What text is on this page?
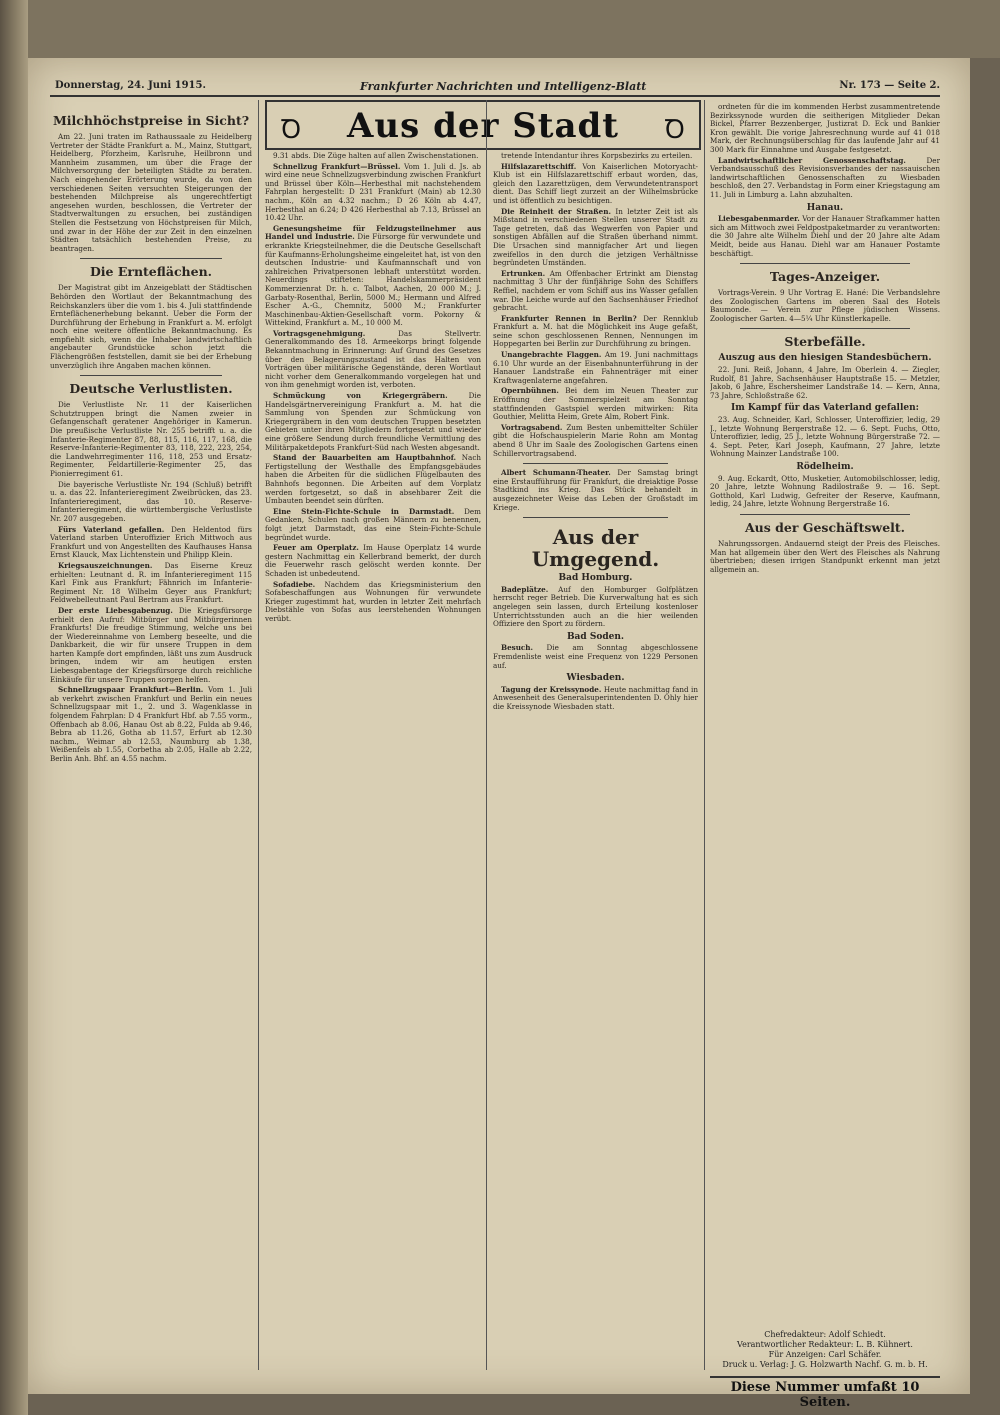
Donnerstag, 24. Juni 1915.	Frankfurter Nachrichten und Intelligenz-Blatt	Nr. 173 — Seite 2.
Ꝺ	Aus der Stadt	Ꝺ
Milchhöchstpreise in Sicht?

Am 22. Juni traten im Rathaussaale zu Heidelberg Vertreter der Städte Frankfurt a. M., Mainz, Stuttgart, Heidelberg, Pforzheim, Karlsruhe, Heilbronn und Mannheim zusammen, um über die Frage der Milchversorgung der beteiligten Städte zu beraten. Nach eingehender Erörterung wurde, da von den verschiedenen Seiten versuchten Steigerungen der bestehenden Milchpreise als ungerechtfertigt angesehen wurden, beschlossen, die Vertreter der Stadtverwaltungen zu ersuchen, bei zuständigen Stellen die Festsetzung von Höchstpreisen für Milch, und zwar in der Höhe der zur Zeit in den einzelnen Städten tatsächlich bestehenden Preise, zu beantragen.

Die Ernteflächen.

Der Magistrat gibt im Anzeigeblatt der Städtischen Behörden den Wortlaut der Bekanntmachung des Reichskanzlers über die vom 1. bis 4. Juli stattfindende Ernteflächenerhebung bekannt. Ueber die Form der Durchführung der Erhebung in Frankfurt a. M. erfolgt noch eine weitere öffentliche Bekanntmachung. Es empfiehlt sich, wenn die Inhaber landwirtschaftlich angebauter Grundstücke schon jetzt die Flächengrößen feststellen, damit sie bei der Erhebung unverzüglich ihre Angaben machen können.

Deutsche Verlustlisten.

Die Verlustliste Nr. 11 der Kaiserlichen Schutztruppen bringt die Namen zweier in Gefangenschaft geratener Angehöriger in Kamerun. Die preußische Verlustliste Nr. 255 betrifft u. a. die Infanterie-Regimenter 87, 88, 115, 116, 117, 168, die Reserve-Infanterie-Regimenter 83, 118, 222, 223, 254, die Landwehrregimenter 116, 118, 253 und Ersatz-Regimenter, Feldartillerie-Regimenter 25, das Pionierregiment 61.

Die bayerische Verlustliste Nr. 194 (Schluß) betrifft u. a. das 22. Infanterieregiment Zweibrücken, das 23. Infanterieregiment, das 10. Reserve-Infanterieregiment, die württembergische Verlustliste Nr. 207 ausgegeben.

Fürs Vaterland gefallen. Den Heldentod fürs Vaterland starben Unteroffizier Erich Mittwoch aus Frankfurt und von Angestellten des Kaufhauses Hansa Ernst Klauck, Max Lichtenstein und Philipp Klein.

Kriegsauszeichnungen. Das Eiserne Kreuz erhielten: Leutnant d. R. im Infanterieregiment 115 Karl Fink aus Frankfurt; Fähnrich im Infanterie-Regiment Nr. 18 Wilhelm Geyer aus Frankfurt; Feldwebelleutnant Paul Bertram aus Frankfurt.

Der erste Liebesgabenzug. Die Kriegsfürsorge erhielt den Aufruf: Mitbürger und Mitbürgerinnen Frankfurts! Die freudige Stimmung, welche uns bei der Wiedereinnahme von Lemberg beseelte, und die Dankbarkeit, die wir für unsere Truppen in dem harten Kampfe dort empfinden, läßt uns zum Ausdruck bringen, indem wir am heutigen ersten Liebesgabentage der Kriegsfürsorge durch reichliche Einkäufe für unsere Truppen sorgen helfen.

Schnellzugspaar Frankfurt—Berlin. Vom 1. Juli ab verkehrt zwischen Frankfurt und Berlin ein neues Schnellzugspaar mit 1., 2. und 3. Wagenklasse in folgendem Fahrplan: D 4 Frankfurt Hbf. ab 7.55 vorm., Offenbach ab 8.06, Hanau Ost ab 8.22, Fulda ab 9.46, Bebra ab 11.26, Gotha ab 11.57, Erfurt ab 12.30 nachm., Weimar ab 12.53, Naumburg ab 1.38, Weißenfels ab 1.55, Corbetha ab 2.05, Halle ab 2.22, Berlin Anh. Bhf. an 4.55 nachm.

9.31 abds. Die Züge halten auf allen Zwischenstationen.

Schnellzug Frankfurt—Brüssel. Vom 1. Juli d. Js. ab wird eine neue Schnellzugsverbindung zwischen Frankfurt und Brüssel über Köln—Herbesthal mit nachstehendem Fahrplan hergestellt: D 231 Frankfurt (Main) ab 12.30 nachm., Köln an 4.32 nachm.; D 26 Köln ab 4.47, Herbesthal an 6.24; D 426 Herbesthal ab 7.13, Brüssel an 10.42 Uhr.

Genesungsheime für Feldzugsteilnehmer aus Handel und Industrie. Die Fürsorge für verwundete und erkrankte Kriegsteilnehmer, die die Deutsche Gesellschaft für Kaufmanns-Erholungsheime eingeleitet hat, ist von den deutschen Industrie- und Kaufmannschaft und von zahlreichen Privatpersonen lebhaft unterstützt worden. Neuerdings stifteten: Handelskammerpräsident Kommerzienrat Dr. h. c. Talbot, Aachen, 20 000 M.; J. Garbaty-Rosenthal, Berlin, 5000 M.; Hermann und Alfred Escher A.-G., Chemnitz, 5000 M.; Frankfurter Maschinenbau-Aktien-Gesellschaft vorm. Pokorny & Wittekind, Frankfurt a. M., 10 000 M.

Vortragsgenehmigung.	Das Stellvertr. Generalkommando des 18. Armeekorps bringt folgende Bekanntmachung in Erinnerung: Auf Grund des Gesetzes über den Belagerungszustand ist das Halten von Vorträgen über militärische Gegenstände, deren Wortlaut nicht vorher dem Generalkommando vorgelegen hat und von ihm genehmigt worden ist, verboten.

Schmückung von Kriegergräbern.	Die Handelsgärtnervereinigung Frankfurt a. M. hat die Sammlung von Spenden zur Schmückung von Kriegergräbern in den vom deutschen Truppen besetzten Gebieten unter ihren Mitgliedern fortgesetzt und wieder eine größere Sendung durch freundliche Vermittlung des Militärpaketdepots Frankfurt-Süd nach Westen abgesandt.

Stand der Bauarbeiten am Hauptbahnhof. Nach Fertigstellung der Westhalle des Empfangsgebäudes haben die Arbeiten für die südlichen Flügelbauten des Bahnhofs begonnen. Die Arbeiten auf dem Vorplatz werden fortgesetzt, so daß in absehbarer Zeit die Umbauten beendet sein dürften.

Eine Stein-Fichte-Schule in Darmstadt. Dem Gedanken, Schulen nach großen Männern zu benennen, folgt jetzt Darmstadt, das eine Stein-Fichte-Schule begründet wurde.

Feuer am Operplatz. Im Hause Operplatz 14 wurde gestern Nachmittag ein Kellerbrand bemerkt, der durch die Feuerwehr rasch gelöscht werden konnte. Der Schaden ist unbedeutend.

Sofadiebe. Nachdem das Kriegsministerium den Sofabeschaffungen aus Wohnungen für verwundete Krieger zugestimmt hat, wurden in letzter Zeit mehrfach Diebstähle von Sofas aus leerstehenden Wohnungen verübt.

tretende Intendantur ihres Korpsbezirks zu erteilen.

Hilfslazarettschiff. Von Kaiserlichen Motoryacht-Klub ist ein Hilfslazarettschiff erbaut worden, das, gleich den Lazarettzügen, dem Verwundetentransport dient. Das Schiff liegt zurzeit an der Wilhelmsbrücke und ist öffentlich zu besichtigen.

Die Reinheit der Straßen. In letzter Zeit ist als Mißstand in verschiedenen Stellen unserer Stadt zu Tage getreten, daß das Wegwerfen von Papier und sonstigen Abfällen auf die Straßen überhand nimmt. Die Ursachen sind mannigfacher Art und liegen zweifellos in den durch die jetzigen Verhältnisse begründeten Umständen.

Ertrunken. Am Offenbacher Ertrinkt am Dienstag nachmittag 3 Uhr der fünfjährige Sohn des Schiffers Reffiel, nachdem er vom Schiff aus ins Wasser gefallen war. Die Leiche wurde auf den Sachsenhäuser Friedhof gebracht.

Frankfurter Rennen in Berlin? Der Rennklub Frankfurt a. M. hat die Möglichkeit ins Auge gefaßt, seine schon geschlossenen Rennen, Nennungen im Hoppegarten bei Berlin zur Durchführung zu bringen.

Unangebrachte Flaggen. Am 19. Juni nachmittags 6.10 Uhr wurde an der Eisenbahnunterführung in der Hanauer Landstraße ein Fahnenträger mit einer Kraftwagenlaterne angefahren.

Opernbühnen. Bei dem im Neuen Theater zur Eröffnung der Sommerspielzeit am Sonntag stattfindenden Gastspiel werden mitwirken: Rita Gouthier, Melitta Heim, Grete Alm, Robert Fink.

Vortragsabend. Zum Besten unbemittelter Schüler gibt die Hofschauspielerin Marie Rohn am Montag abend 8 Uhr im Saale des Zoologischen Gartens einen Schillervortragsabend.

Albert Schumann-Theater. Der Samstag bringt eine Erstaufführung für Frankfurt, die dreiaktige Posse Stadtkind ins Krieg. Das Stück behandelt in ausgezeichneter Weise das Leben der Großstadt im Kriege.

Aus der Umgegend.
Bad Homburg.

Badeplätze. Auf den Homburger Golfplätzen herrscht reger Betrieb. Die Kurverwaltung hat es sich angelegen sein lassen, durch Erteilung kostenloser Unterrichtsstunden auch an die hier weilenden Offiziere den Sport zu fördern.

Bad Soden.

Besuch. Die am Sonntag abgeschlossene Fremdenliste weist eine Frequenz von 1229 Personen auf.

Wiesbaden.

Tagung der Kreissynode. Heute nachmittag fand in Anwesenheit des Generalsuperintendenten D. Ohly hier die Kreissynode Wiesbaden statt.

ordneten für die im kommenden Herbst zusammentretende Bezirkssynode wurden die seitherigen Mitglieder Dekan Bickel, Pfarrer Bezzenberger, Justizrat D. Eck und Bankier Kron gewählt. Die vorige Jahresrechnung wurde auf 41 018 Mark, der Rechnungsüberschlag für das laufende Jahr auf 41 300 Mark für Einnahme und Ausgabe festgesetzt.

Landwirtschaftlicher Genossenschaftstag.	Der Verbandsausschuß des Revisionsverbandes der nassauischen landwirtschaftlichen Genossenschaften zu Wiesbaden beschloß, den 27. Verbandstag in Form einer Kriegstagung am 11. Juli in Limburg a. Lahn abzuhalten.

Hanau.

Liebesgabenmarder. Vor der Hanauer Strafkammer hatten sich am Mittwoch zwei Feldpostpaketmarder zu verantworten: die 30 Jahre alte Wilhelm Diehl und der 20 Jahre alte Adam Meidt, beide aus Hanau. Diehl war am Hanauer Postamte beschäftigt.

Tages-Anzeiger.

Vortrags-Verein. 9 Uhr Vortrag E. Hané: Die Verbandslehre des Zoologischen Gartens im oberen Saal des Hotels Baumonde. — Verein zur Pflege jüdischen Wissens. Zoologischer Garten. 4—5¼ Uhr Künstlerkapelle.

Sterbefälle.
Auszug aus den hiesigen Standesbüchern.

22. Juni. Reiß, Johann, 4 Jahre, Im Oberlein 4. — Ziegler, Rudolf, 81 Jahre, Sachsenhäuser Hauptstraße 15. — Metzler, Jakob, 6 Jahre, Eschersheimer Landstraße 14. — Kern, Anna, 73 Jahre, Schloßstraße 62.

Im Kampf für das Vaterland gefallen:

23. Aug. Schneider, Karl, Schlosser, Unteroffizier, ledig, 29 J., letzte Wohnung Bergerstraße 12. — 6. Sept. Fuchs, Otto, Unteroffizier, ledig, 25 J., letzte Wohnung Bürgerstraße 72. — 4. Sept. Peter, Karl Joseph, Kaufmann, 27 Jahre, letzte Wohnung Mainzer Landstraße 100.

Rödelheim.

9. Aug. Eckardt, Otto, Musketier, Automobilschlosser, ledig, 20 Jahre, letzte Wohnung Radilostraße 9. — 16. Sept. Gotthold, Karl Ludwig, Gefreiter der Reserve, Kaufmann, ledig, 24 Jahre, letzte Wohnung Bergerstraße 16.

Aus der Geschäftswelt.

Nahrungssorgen. Andauernd steigt der Preis des Fleisches. Man hat allgemein über den Wert des Fleisches als Nahrung übertrieben; diesen irrigen Standpunkt erkennt man jetzt allgemein an.

Chefredakteur: Adolf Schiedt.
Verantwortlicher Redakteur: L. B. Kühnert.
Für Anzeigen: Carl Schäfer.
Druck u. Verlag: J. G. Holzwarth Nachf. G. m. b. H.
Diese Nummer umfaßt 10 Seiten.
